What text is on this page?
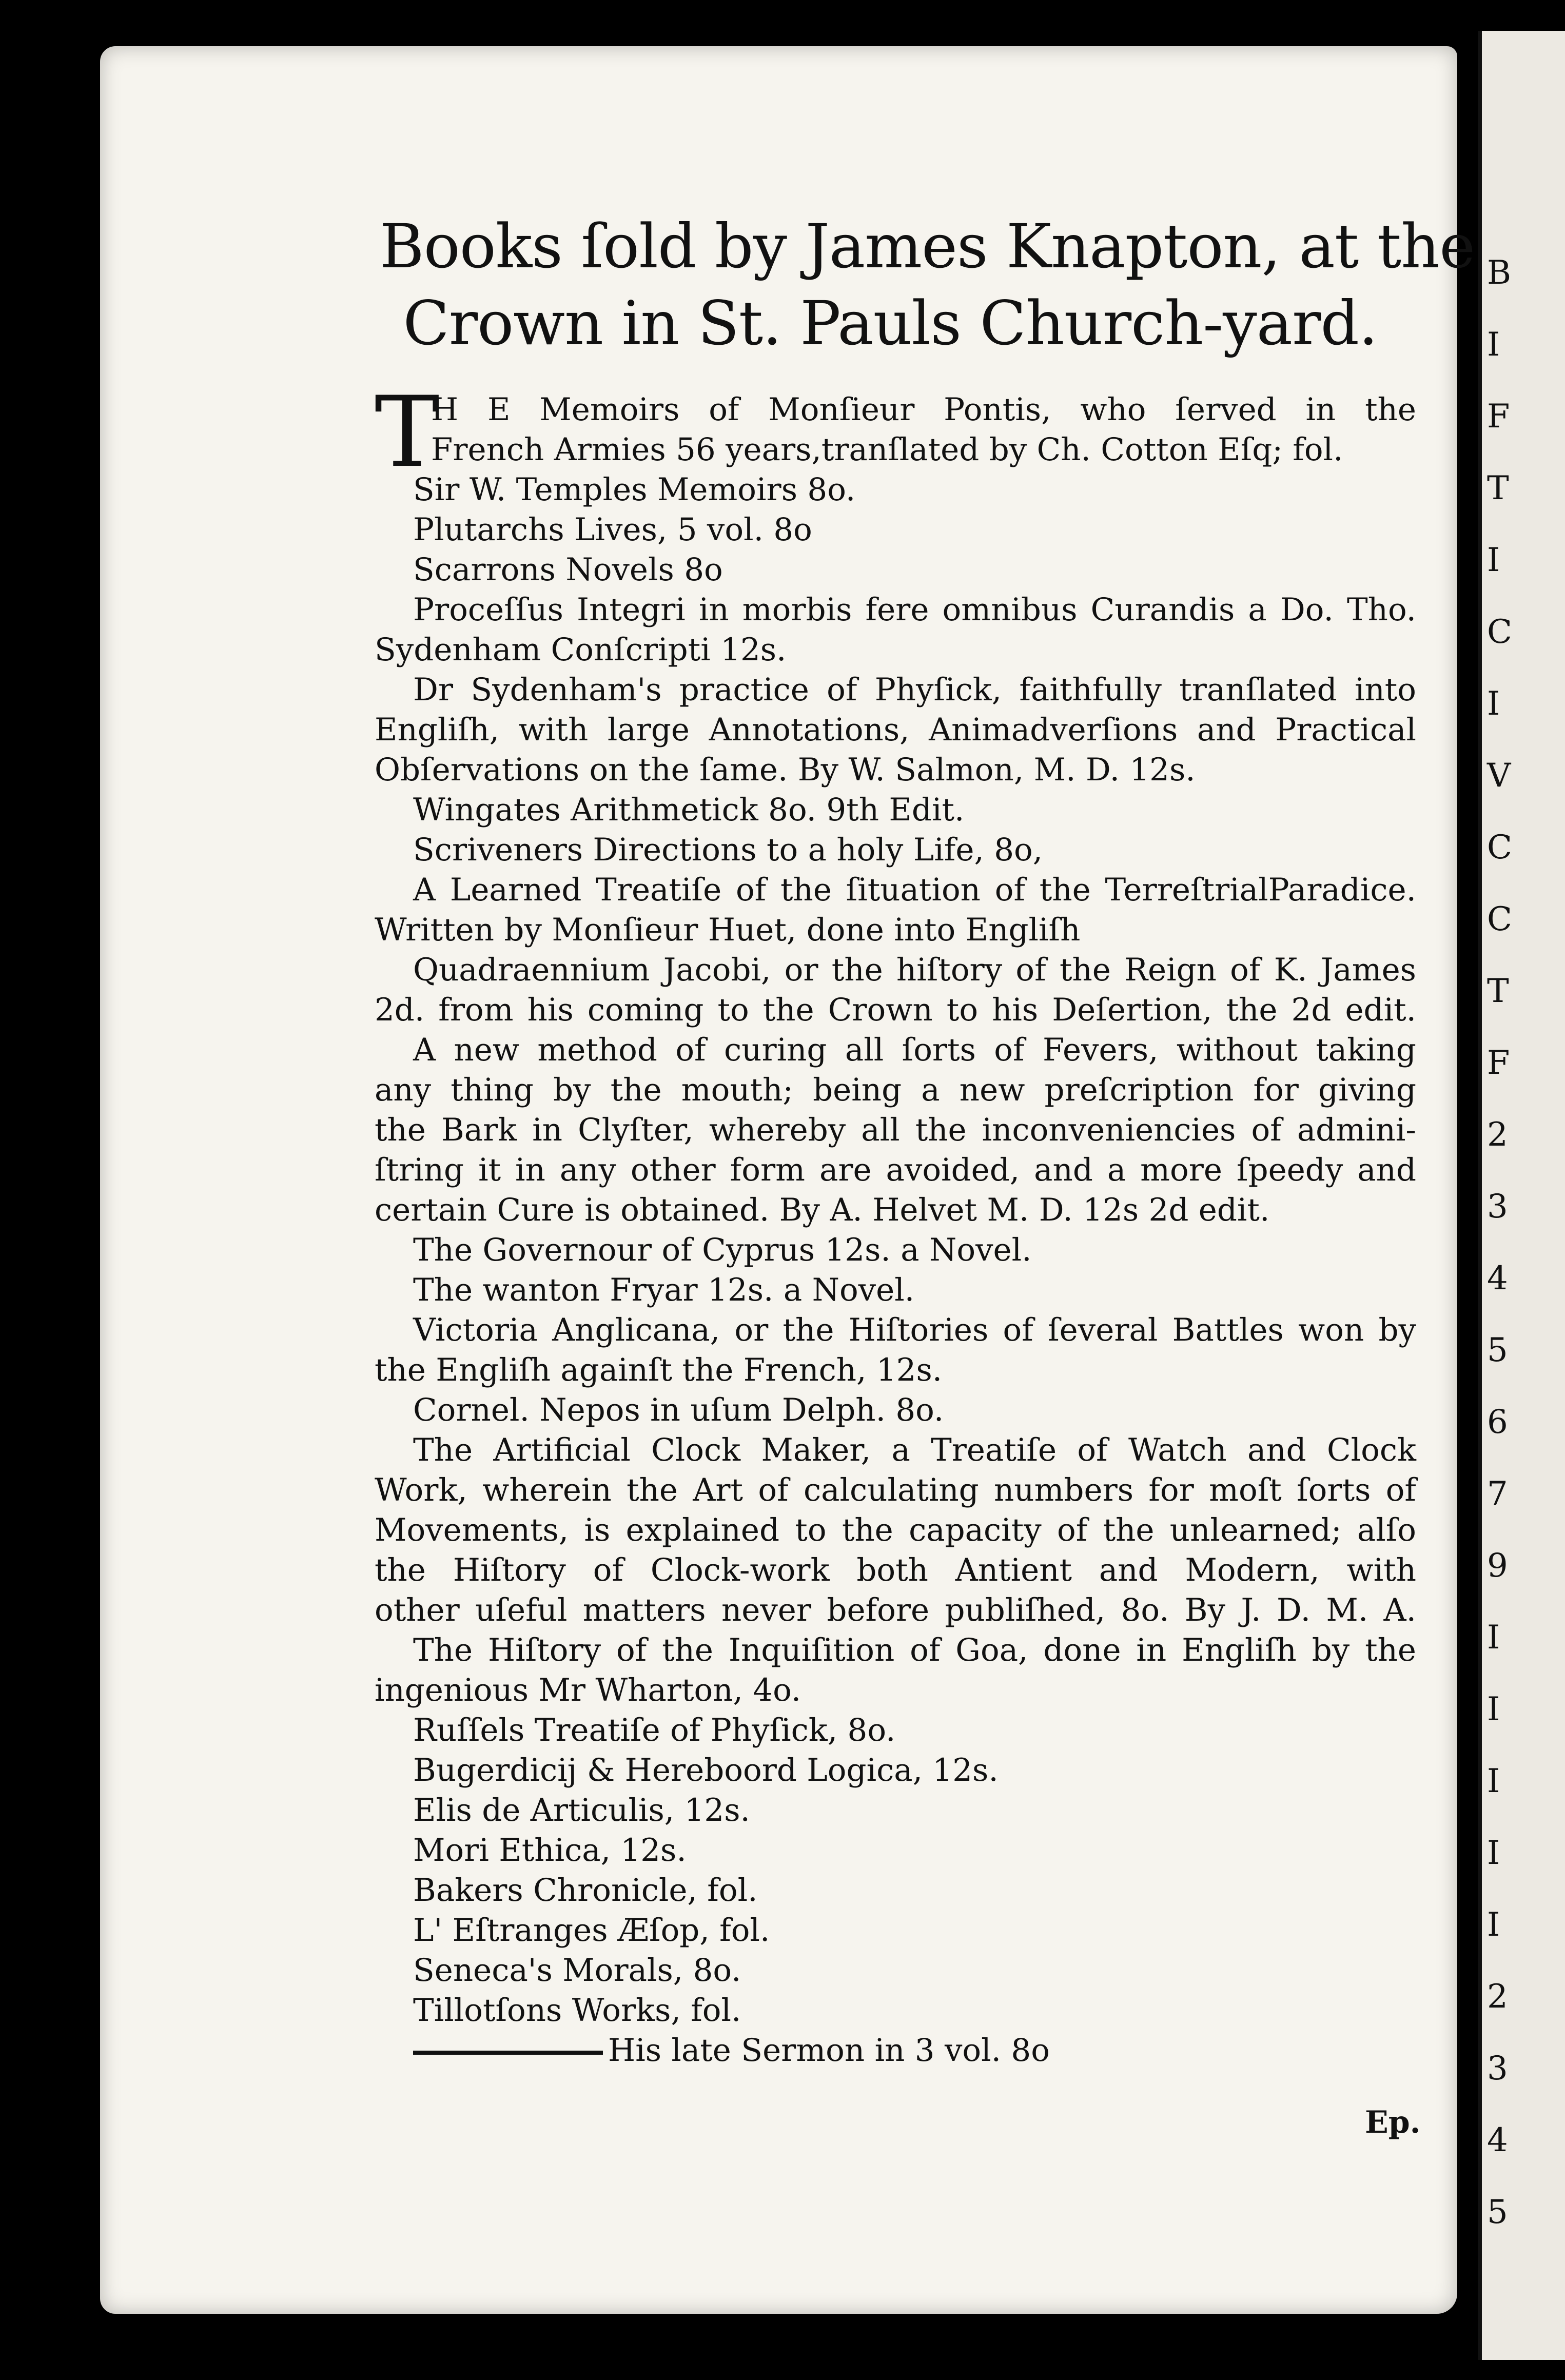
B
I
F
T
I
C
I
V
C
C
T
F
2
3
4
5
6
7
9
I
I
I
I
I
2
3
4
5
Books ſold by James Knapton, at the
Crown in St. Pauls Church-yard.
T
H E Memoirs of Monſieur Pontis, who ſerved in the
French Armies 56 years,tranſlated by Ch. Cotton Eſq; fol.
Sir W. Temples Memoirs 8o.
Plutarchs Lives, 5 vol. 8o
Scarrons Novels 8o
Proceſſus Integri in morbis fere omnibus Curandis a Do. Tho.
Sydenham Conſcripti 12s.
Dr Sydenham's practice of Phyſick, faithfully tranſlated into
Engliſh, with large Annotations, Animadverſions and Practical
Obſervations on the ſame. By W. Salmon, M. D. 12s.
Wingates Arithmetick 8o. 9th Edit.
Scriveners Directions to a holy Life, 8o,
A Learned Treatiſe of the ſituation of the TerreſtrialParadice.
Written by Monſieur Huet, done into Engliſh
Quadraennium Jacobi, or the hiſtory of the Reign of K. James
2d. from his coming to the Crown to his Deſertion, the 2d edit.
A new method of curing all ſorts of Fevers, without taking
any thing by the mouth; being a new preſcription for giving
the Bark in Clyſter, whereby all the inconveniencies of admini-
ſtring it in any other form are avoided, and a more ſpeedy and
certain Cure is obtained. By A. Helvet M. D. 12s 2d edit.
The Governour of Cyprus 12s. a Novel.
The wanton Fryar 12s. a Novel.
Victoria Anglicana, or the Hiſtories of ſeveral Battles won by
the Engliſh againſt the French, 12s.
Cornel. Nepos in uſum Delph. 8o.
The Artificial Clock Maker, a Treatiſe of Watch and Clock
Work, wherein the Art of calculating numbers for moſt ſorts of
Movements, is explained to the capacity of the unlearned; alſo
the Hiſtory of Clock-work both Antient and Modern, with
other uſeful matters never before publiſhed, 8o. By J. D. M. A.
The Hiſtory of the Inquiſition of Goa, done in Engliſh by the
ingenious Mr Wharton, 4o.
Ruſſels Treatiſe of Phyſick, 8o.
Bugerdicij & Hereboord Logica, 12s.
Elis de Articulis, 12s.
Mori Ethica, 12s.
Bakers Chronicle, fol.
L' Eſtranges Æſop, fol.
Seneca's Morals, 8o.
Tillotſons Works, fol.
His late Sermon in 3 vol. 8o
Ep.
